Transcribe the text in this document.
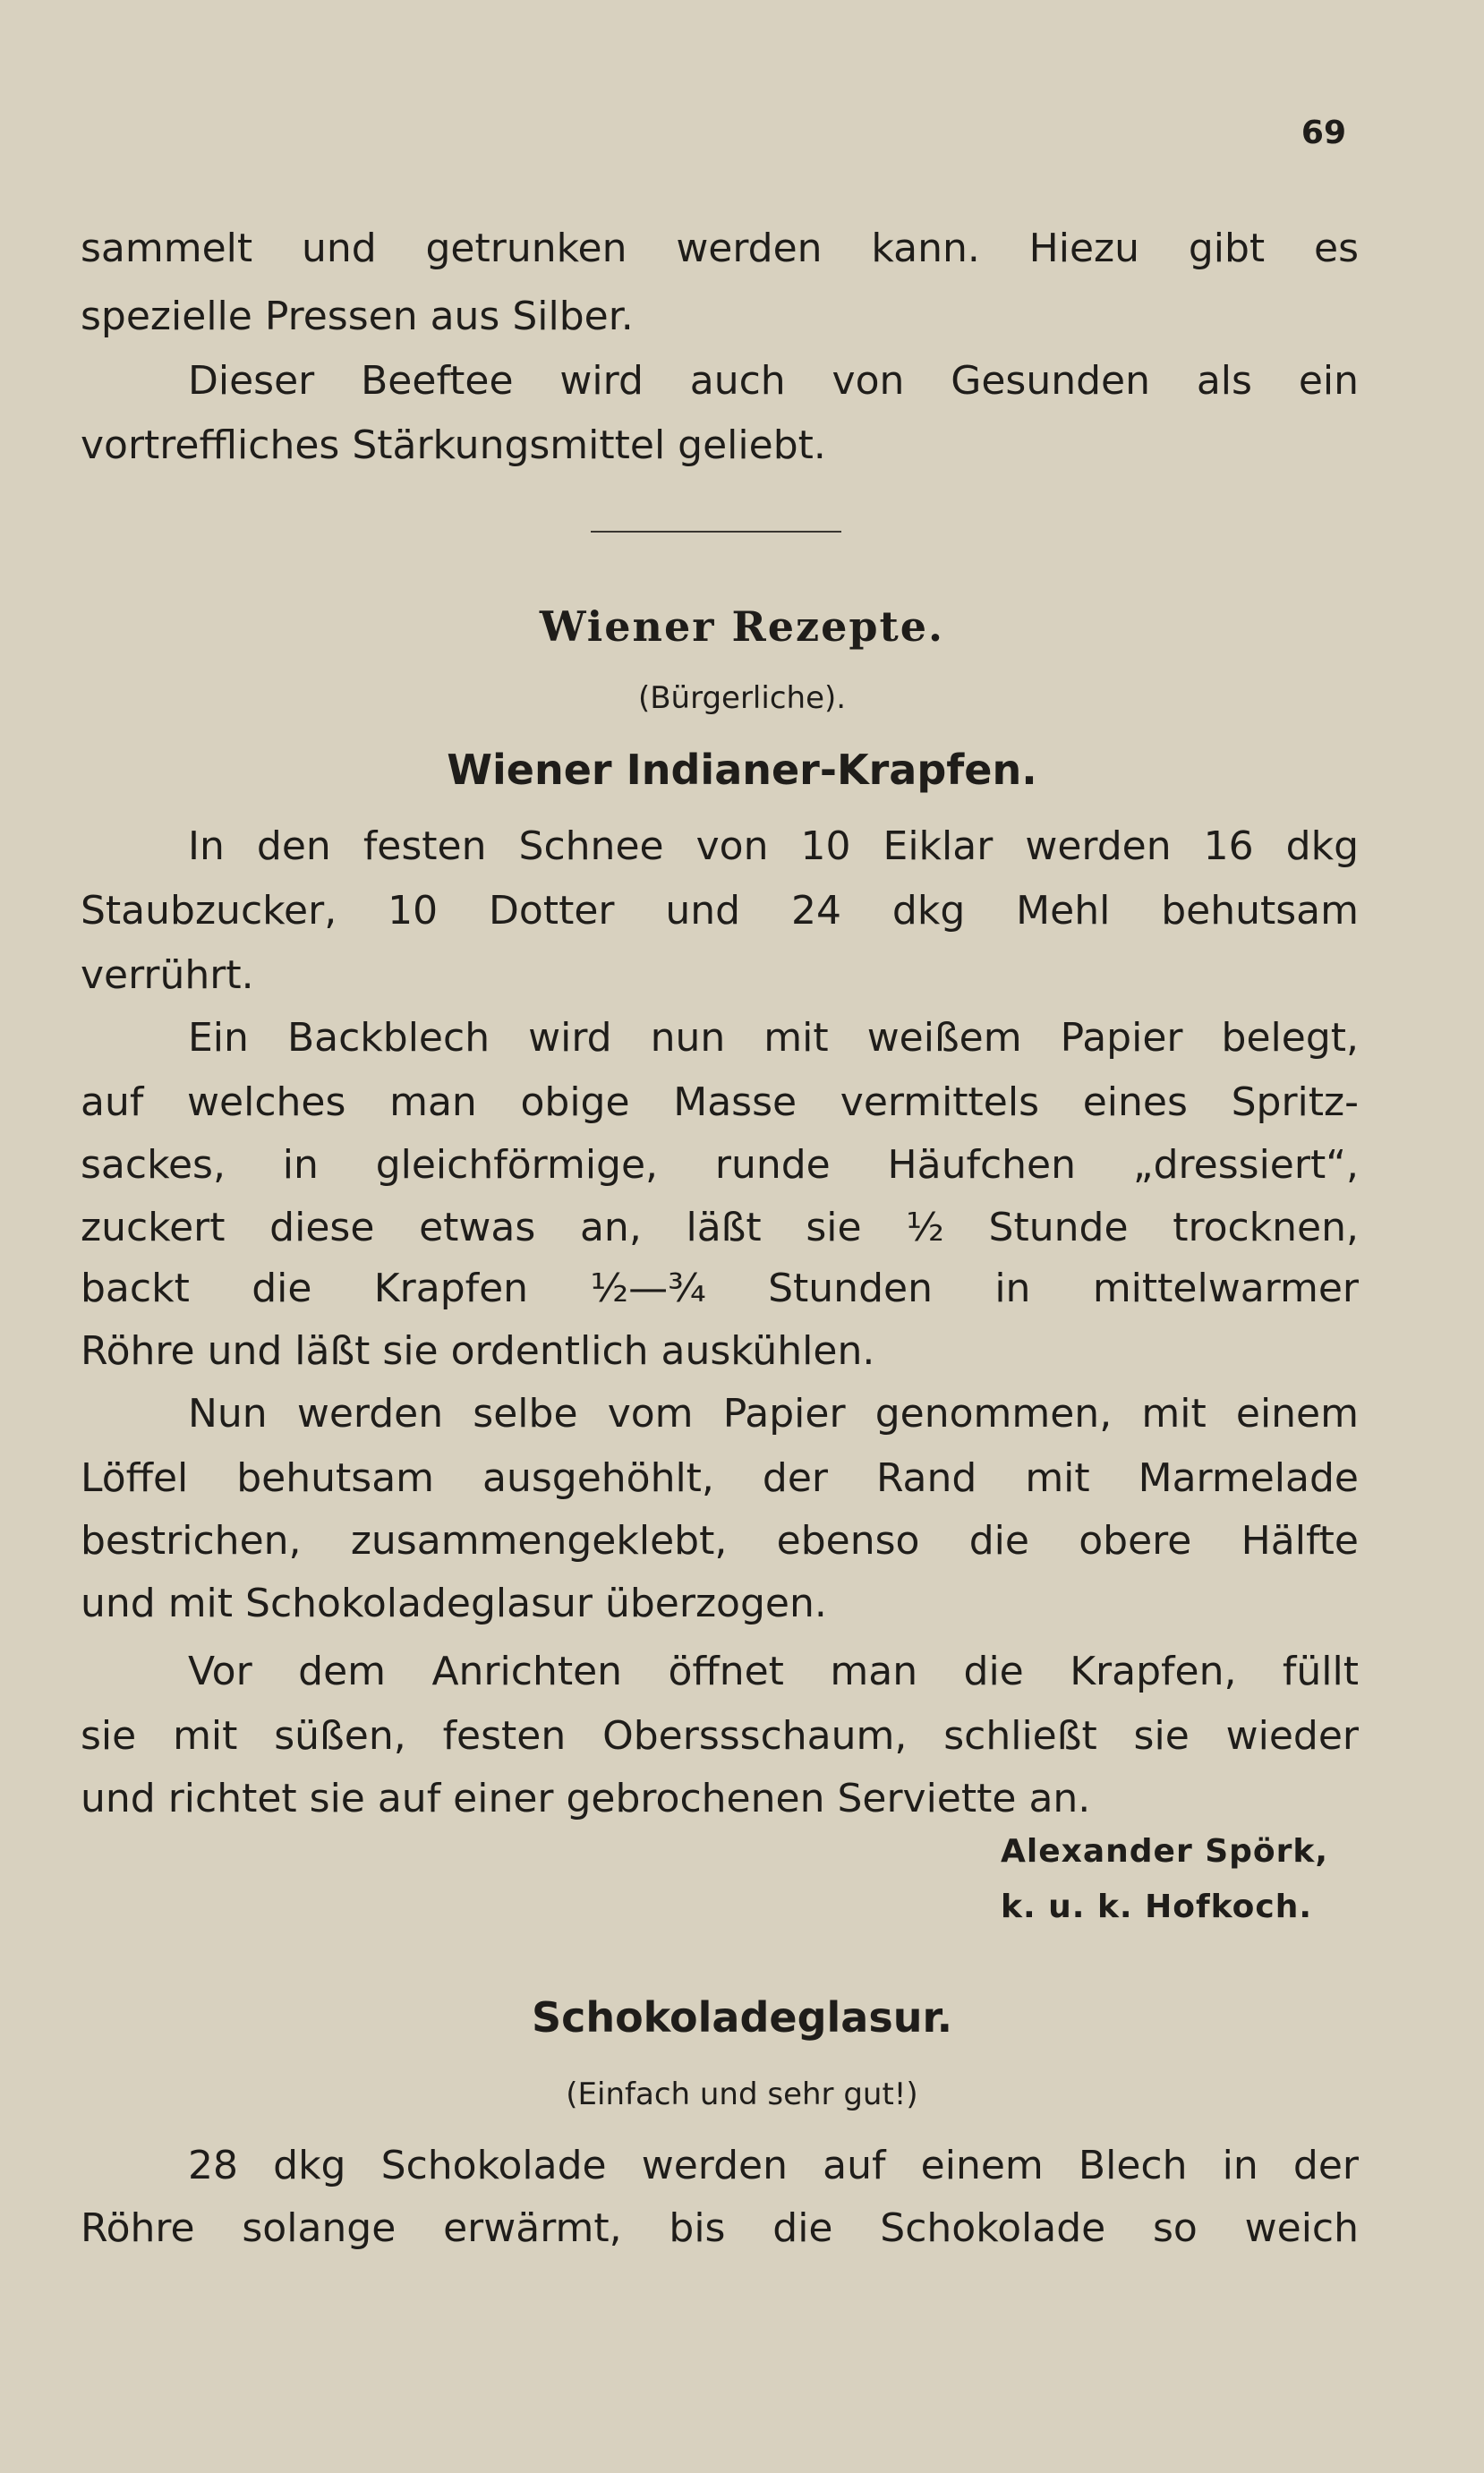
69
sammelt und getrunken werden kann. Hiezu gibt es
spezielle Pressen aus Silber.
Dieser Beeftee wird auch von Gesunden als ein
vortreffliches Stärkungsmittel geliebt.
Wiener Rezepte.
(Bürgerliche).
Wiener Indianer-Krapfen.
In den festen Schnee von 10 Eiklar werden 16 dkg
Staubzucker, 10 Dotter und 24 dkg Mehl behutsam
verrührt.
Ein Backblech wird nun mit weißem Papier belegt,
auf welches man obige Masse vermittels eines Spritz-
sackes, in gleichförmige, runde Häufchen „dressiert“,
zuckert diese etwas an, läßt sie ½ Stunde trocknen,
backt die Krapfen ½—¾ Stunden in mittelwarmer
Röhre und läßt sie ordentlich auskühlen.
Nun werden selbe vom Papier genommen, mit einem
Löffel behutsam ausgehöhlt, der Rand mit Marmelade
bestrichen, zusammengeklebt, ebenso die obere Hälfte
und mit Schokoladeglasur überzogen.
Vor dem Anrichten öffnet man die Krapfen, füllt
sie mit süßen, festen Oberssschaum, schließt sie wieder
und richtet sie auf einer gebrochenen Serviette an.
Alexander Spörk,
k. u. k. Hofkoch.
Schokoladeglasur.
(Einfach und sehr gut!)
28 dkg Schokolade werden auf einem Blech in der
Röhre solange erwärmt, bis die Schokolade so weich
